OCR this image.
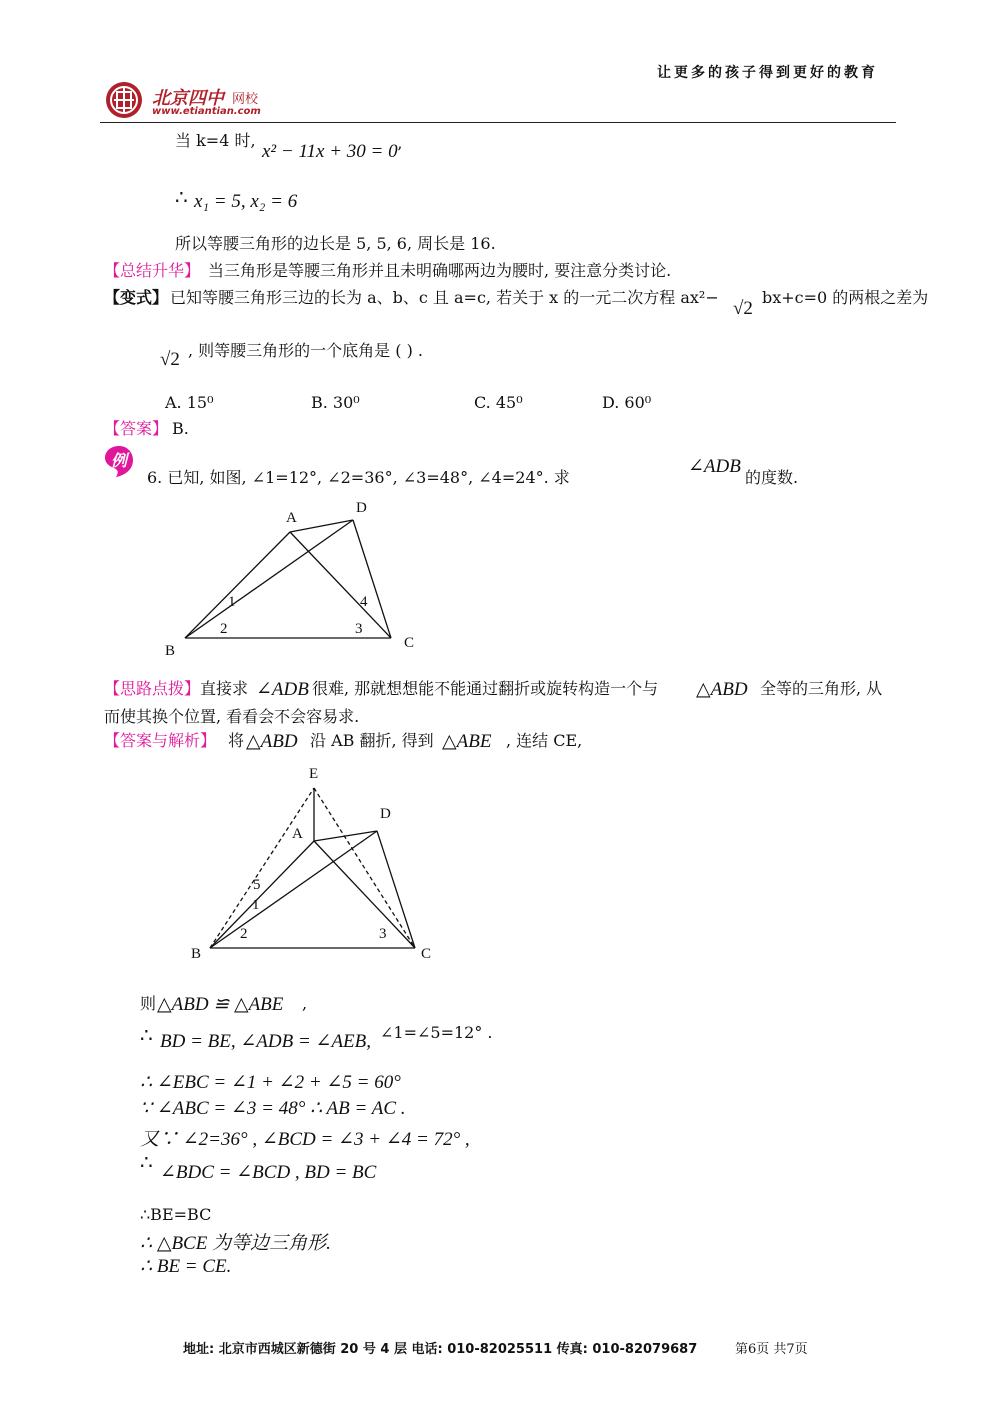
让更多的孩子得到更好的教育
北京四中 网校
www.etiantian.com
当 k=4 时,
x² − 11x + 30 = 0 ’
∴ x₁ = 5, x₂ = 6
所以等腰三角形的边长是 5, 5, 6, 周长是 16.
【总结升华】 当三角形是等腰三角形并且未明确哪两边为腰时, 要注意分类讨论.
【变式】 已知等腰三角形三边的长为 a、b、c 且 a=c, 若关于 x 的一元二次方程 ax²−
√2
bx+c=0 的两根之差为
√2 , 则等腰三角形的一个底角是 ( ) .
A. 15⁰	B. 30⁰	C. 45⁰	D. 60⁰
【答案】 B.
例
6. 已知, 如图, ∠1=12°, ∠2=36°, ∠3=48°, ∠4=24°. 求
∠ADB
的度数.
A
D
B	C
1
2	3
4
【思路点拨】 直接求 ∠ADB 很难, 那就想想能不能通过翻折或旋转构造一个与 △ABD 全等的三角形, 从
而使其换个位置, 看看会不会容易求.
【答案与解析】 将 △ABD 沿 AB 翻折, 得到 △ABE , 连结 CE,
E
A
D
B	C
5
1
2	3
则 △ABD ≌ △ABE ,
∴ BD = BE, ∠ADB = ∠AEB, ∠1=∠5=12° .
∴ ∠EBC = ∠1 + ∠2 + ∠5 = 60°
∵ ∠ABC = ∠3 = 48° ∴ AB = AC .
又∵ ∠2=36° , ∠BCD = ∠3 + ∠4 = 72° ,
∴ ∠BDC = ∠BCD , BD = BC
∴BE=BC
∴ △BCE 为等边三角形.
∴ BE = CE.
地址: 北京市西城区新德街 20 号 4 层 电话: 010-82025511 传真: 010-82079687	第6页 共7页
